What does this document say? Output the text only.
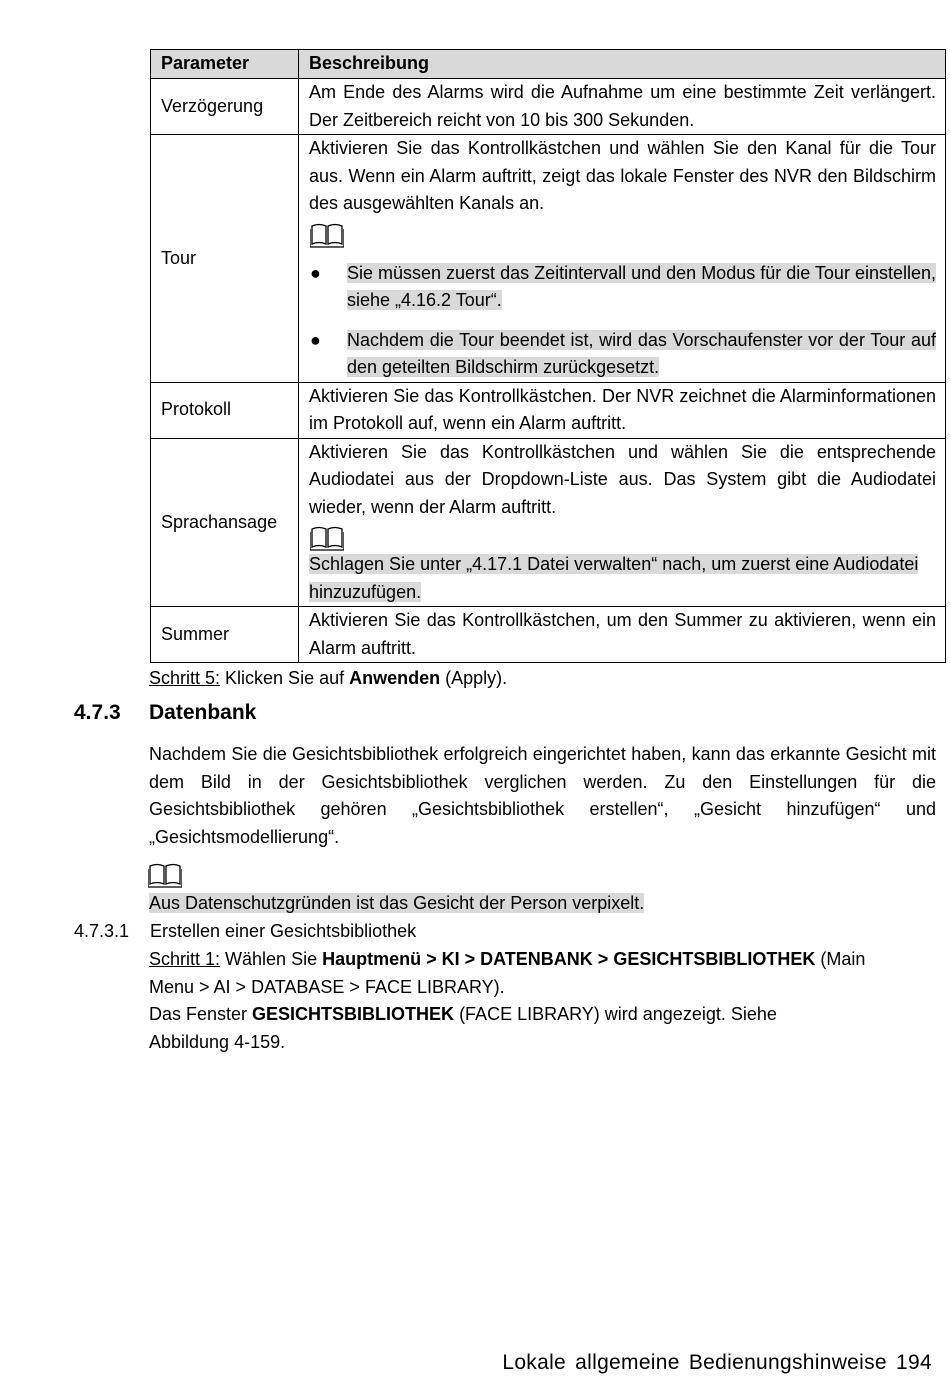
Parameter	Beschreibung
Verzögerung	Am Ende des Alarms wird die Aufnahme um eine bestimmte Zeit verlängert. Der Zeitbereich reicht von 10 bis 300 Sekunden.
Tour	Aktivieren Sie das Kontrollkästchen und wählen Sie den Kanal für die Tour aus. Wenn ein Alarm auftritt, zeigt das lokale Fenster des NVR den Bildschirm des ausgewählten Kanals an.
● Sie müssen zuerst das Zeitintervall und den Modus für die Tour einstellen, siehe „4.16.2 Tour“.
● Nachdem die Tour beendet ist, wird das Vorschaufenster vor der Tour auf den geteilten Bildschirm zurückgesetzt.

Protokoll	Aktivieren Sie das Kontrollkästchen. Der NVR zeichnet die Alarminformationen im Protokoll auf, wenn ein Alarm auftritt.
Sprachansage	Aktivieren Sie das Kontrollkästchen und wählen Sie die entsprechende Audiodatei aus der Dropdown-Liste aus. Das System gibt die Audiodatei wieder, wenn der Alarm auftritt.
Schlagen Sie unter „4.17.1 Datei verwalten“ nach, um zuerst eine Audiodatei hinzuzufügen.

Summer	Aktivieren Sie das Kontrollkästchen, um den Summer zu aktivieren, wenn ein Alarm auftritt.
Schritt 5: Klicken Sie auf Anwenden (Apply).
4.7.3 Datenbank
Nachdem Sie die Gesichtsbibliothek erfolgreich eingerichtet haben, kann das erkannte Gesicht mit dem Bild in der Gesichtsbibliothek verglichen werden. Zu den Einstellungen für die Gesichtsbibliothek gehören „Gesichtsbibliothek erstellen“, „Gesicht hinzufügen“ und „Gesichtsmodellierung“.
Aus Datenschutzgründen ist das Gesicht der Person verpixelt.
4.7.3.1 Erstellen einer Gesichtsbibliothek
Schritt 1: Wählen Sie Hauptmenü > KI > DATENBANK > GESICHTSBIBLIOTHEK (Main Menu > AI > DATABASE > FACE LIBRARY).
Das Fenster GESICHTSBIBLIOTHEK (FACE LIBRARY) wird angezeigt. Siehe Abbildung 4-159.
Lokale allgemeine Bedienungshinweise 194
